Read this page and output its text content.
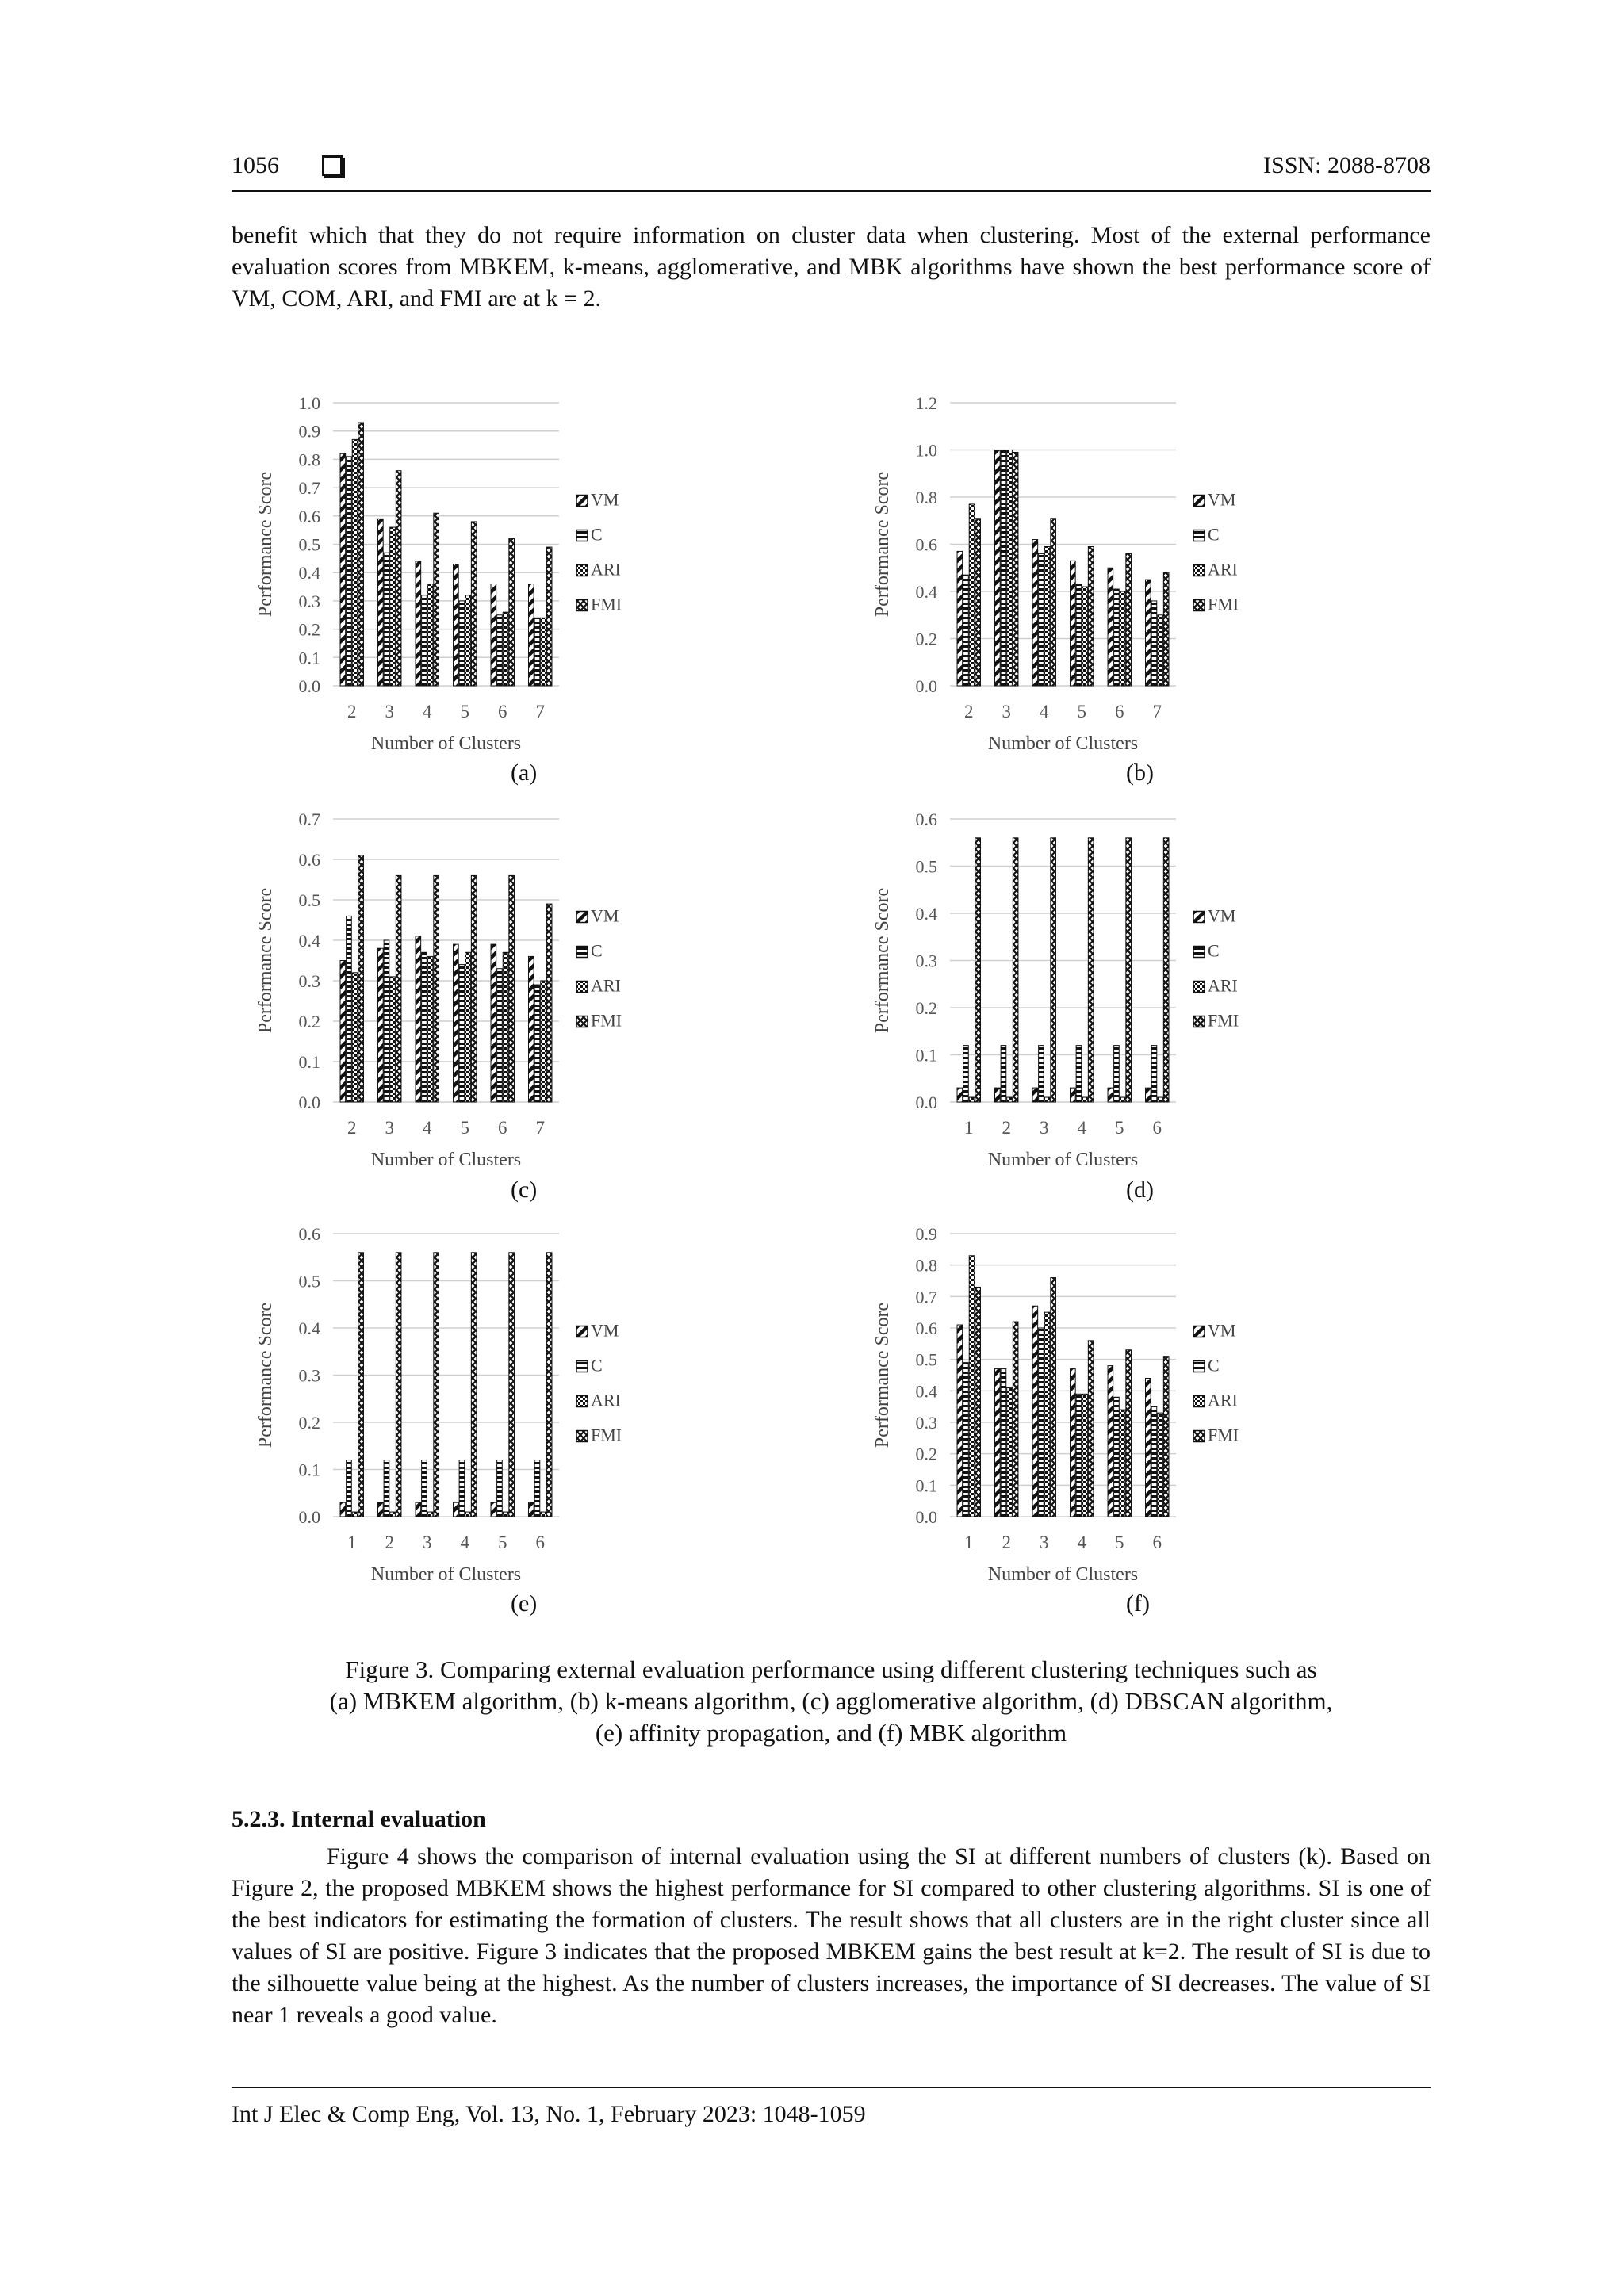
1056	ISSN: 2088-8708

benefit which that they do not require information on cluster data when clustering. Most of the external performance evaluation scores from MBKEM, k-means, agglomerative, and MBK algorithms have shown the best performance score of VM, COM, ARI, and FMI are at k = 2.

0.0
0.1
0.2
0.3
0.4
0.5
0.6
0.7
0.8
0.9
1.0
2 3 4 5 6 7
Number of Clusters
Performance Score	VM
C
ARI
FMI
(a)
0.0
0.2
0.4
0.6
0.8
1.0
1.2
2 3 4 5 6 7
Number of Clusters
Performance Score	VM
C
ARI
FMI
(b)
0.0
0.1
0.2
0.3
0.4
0.5
0.6
0.7
2 3 4 5 6 7
Number of Clusters
Performance Score	VM
C
ARI
FMI
(c)
0.0
0.1
0.2
0.3
0.4
0.5
0.6
1 2 3 4 5 6
Number of Clusters
Performance Score	VM
C
ARI
FMI
(d)
0.0
0.1
0.2
0.3
0.4
0.5
0.6
1 2 3 4 5 6
Number of Clusters
Performance Score	VM
C
ARI
FMI
(e)
0.0
0.1
0.2
0.3
0.4
0.5
0.6
0.7
0.8
0.9
1 2 3 4 5 6
Number of Clusters
Performance Score	VM
C
ARI
FMI
(f)
Figure 3. Comparing external evaluation performance using different clustering techniques such as
(a) MBKEM algorithm, (b) k-means algorithm, (c) agglomerative algorithm, (d) DBSCAN algorithm,
(e) affinity propagation, and (f) MBK algorithm
5.2.3. Internal evaluation

Figure 4 shows the comparison of internal evaluation using the SI at different numbers of clusters (k). Based on Figure 2, the proposed MBKEM shows the highest performance for SI compared to other clustering algorithms. SI is one of the best indicators for estimating the formation of clusters. The result shows that all clusters are in the right cluster since all values of SI are positive. Figure 3 indicates that the proposed MBKEM gains the best result at k=2. The result of SI is due to the silhouette value being at the highest. As the number of clusters increases, the importance of SI decreases. The value of SI near 1 reveals a good value.

Int J Elec & Comp Eng, Vol. 13, No. 1, February 2023: 1048-1059
